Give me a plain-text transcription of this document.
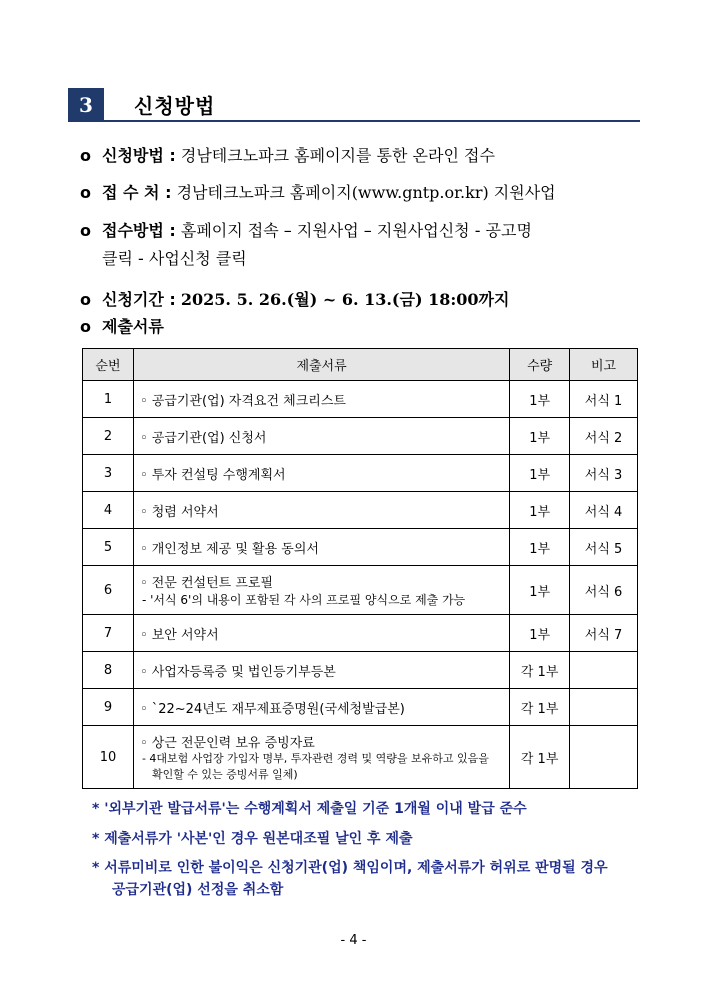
3	신청방법
o 신청방법 : 경남테크노파크 홈페이지를 통한 온라인 접수
o 접 수 처 : 경남테크노파크 홈페이지(www.gntp.or.kr) 지원사업
o 접수방법 : 홈페이지 접속 – 지원사업 – 지원사업신청 - 공고명
클릭 - 사업신청 클릭
o 신청기간 : 2025. 5. 26.(월) ~ 6. 13.(금) 18:00까지
o 제출서류
순번	제출서류	수량	비고
1	◦ 공급기관(업) 자격요건 체크리스트	1부	서식 1
2	◦ 공급기관(업) 신청서	1부	서식 2
3	◦ 투자 컨설팅 수행계획서	1부	서식 3
4	◦ 청렴 서약서	1부	서식 4
5	◦ 개인정보 제공 및 활용 동의서	1부	서식 5
6	◦ 전문 컨설턴트 프로필
- '서식 6'의 내용이 포함된 각 사의 프로필 양식으로 제출 가능	1부	서식 6
7	◦ 보안 서약서	1부	서식 7
8	◦ 사업자등록증 및 법인등기부등본	각 1부	
9	◦ `22~24년도 재무제표증명원(국세청발급본)	각 1부	
10	◦ 상근 전문인력 보유 증빙자료
- 4대보험 사업장 가입자 명부, 투자관련 경력 및 역량을 보유하고 있음을
확인할 수 있는 증빙서류 일체)	각 1부	
* '외부기관 발급서류'는 수행계획서 제출일 기준 1개월 이내 발급 준수
* 제출서류가 '사본'인 경우 원본대조필 날인 후 제출
* 서류미비로 인한 불이익은 신청기관(업) 책임이며, 제출서류가 허위로 판명될 경우
공급기관(업) 선정을 취소함
- 4 -
